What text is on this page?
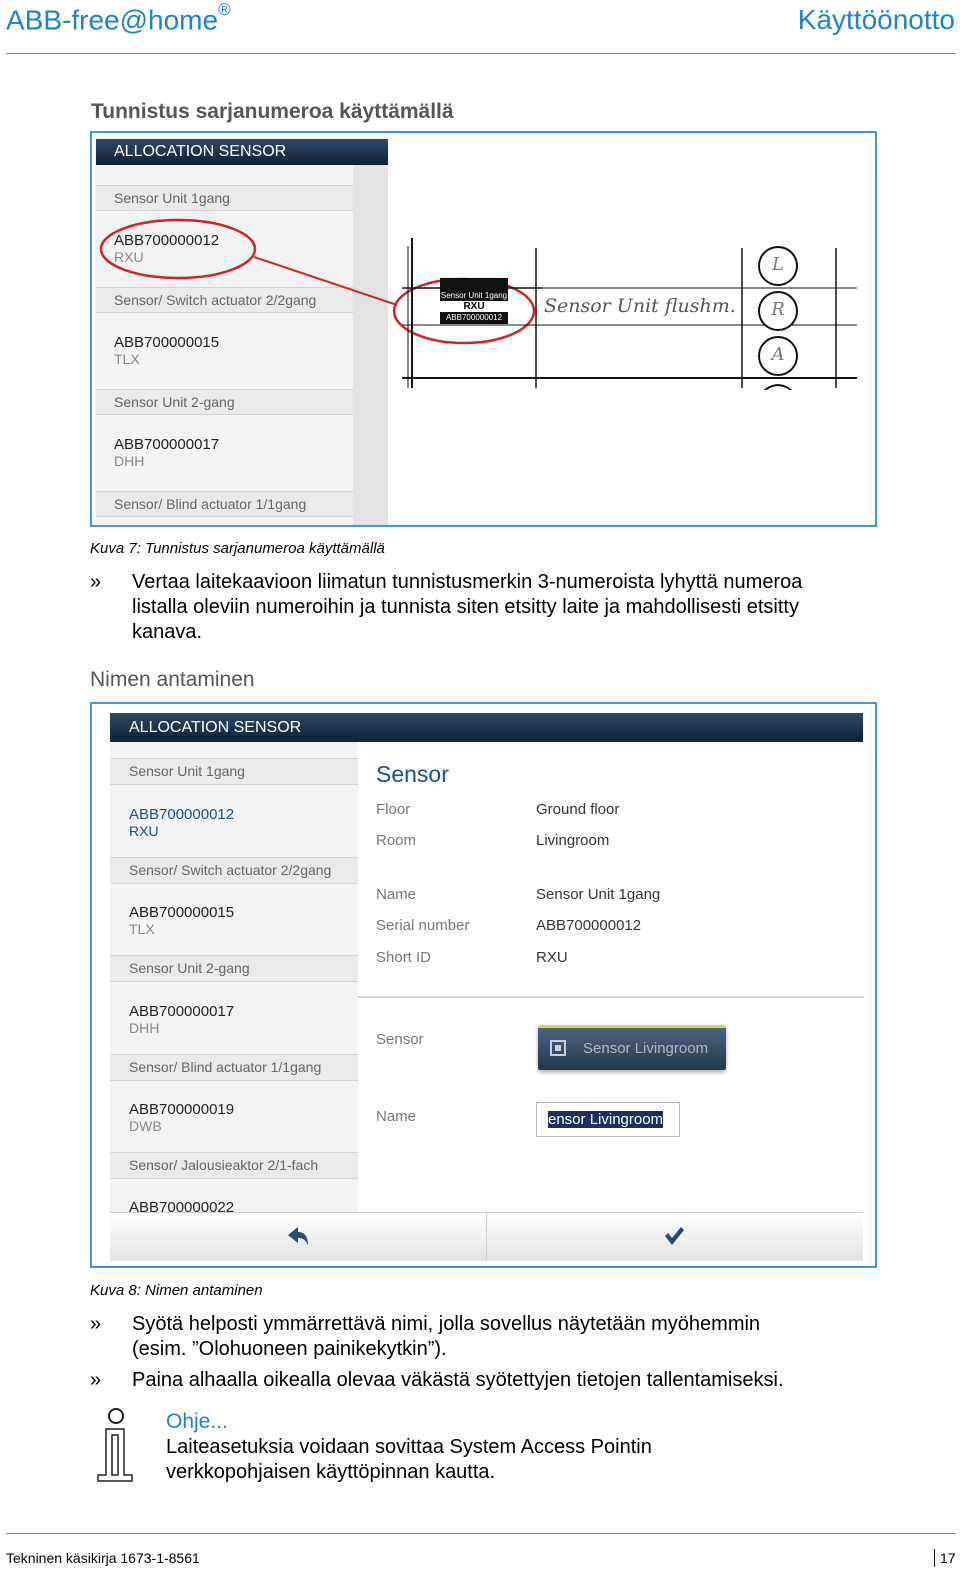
ABB-free@home®	Käyttöönotto
Tunnistus sarjanumeroa käyttämällä
ALLOCATION SENSOR
Sensor Unit 1gang
ABB700000012
RXU
Sensor/ Switch actuator 2/2gang
ABB700000015
TLX
Sensor Unit 2-gang
ABB700000017
DHH
Sensor/ Blind actuator 1/1gang
Sensor Unit 1gang
RXU
ABB700000012
Sensor Unit flushm.
L
R
A
Kuva 7: Tunnistus sarjanumeroa käyttämällä
» Vertaa laitekaavioon liimatun tunnistusmerkin 3-numeroista lyhyttä numeroa
listalla oleviin numeroihin ja tunnista siten etsitty laite ja mahdollisesti etsitty
kanava.
Nimen antaminen
ALLOCATION SENSOR
Sensor Unit 1gang
ABB700000012
RXU
Sensor/ Switch actuator 2/2gang
ABB700000015
TLX
Sensor Unit 2-gang
ABB700000017
DHH
Sensor/ Blind actuator 1/1gang
ABB700000019
DWB
Sensor/ Jalousieaktor 2/1-fach
ABB700000022
Sensor
Floor	Ground floor
Room	Livingroom
Name	Sensor Unit 1gang
Serial number	ABB700000012
Short ID	RXU
Sensor
Sensor Livingroom
Name	ensor Livingroom
Kuva 8: Nimen antaminen
» Syötä helposti ymmärrettävä nimi, jolla sovellus näytetään myöhemmin
(esim. ”Olohuoneen painikekytkin”).
» Paina alhaalla oikealla olevaa väkästä syötettyjen tietojen tallentamiseksi.
Ohje...
Laiteasetuksia voidaan sovittaa System Access Pointin
verkkopohjaisen käyttöpinnan kautta.
Tekninen käsikirja 1673-1-8561	17
